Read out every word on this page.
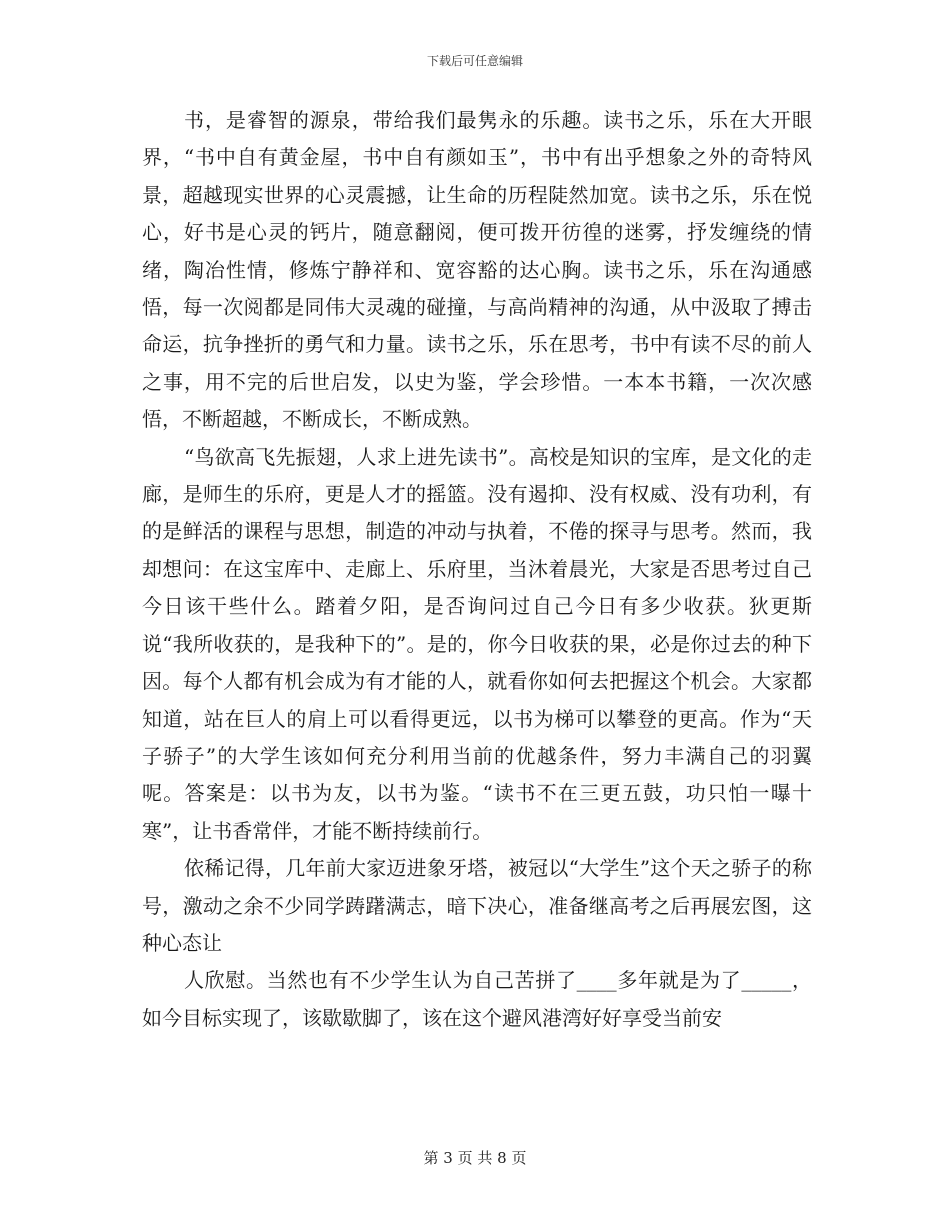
下载后可任意编辑

书，是睿智的源泉，带给我们最隽永的乐趣。读书之乐，乐在大开眼界，“书中自有黄金屋，书中自有颜如玉”，书中有出乎想象之外的奇特风景，超越现实世界的心灵震撼，让生命的历程陡然加宽。读书之乐，乐在悦心，好书是心灵的钙片，随意翻阅，便可拨开彷徨的迷雾，抒发缠绕的情绪，陶冶性情，修炼宁静祥和、宽容豁的达心胸。读书之乐，乐在沟通感悟，每一次阅都是同伟大灵魂的碰撞，与高尚精神的沟通，从中汲取了搏击命运，抗争挫折的勇气和力量。读书之乐，乐在思考，书中有读不尽的前人之事，用不完的后世启发，以史为鉴，学会珍惜。一本本书籍，一次次感悟，不断超越，不断成长，不断成熟。

“鸟欲高飞先振翅，人求上进先读书”。高校是知识的宝库，是文化的走廊，是师生的乐府，更是人才的摇篮。没有遏抑、没有权威、没有功利，有的是鲜活的课程与思想，制造的冲动与执着，不倦的探寻与思考。然而，我却想问：在这宝库中、走廊上、乐府里，当沐着晨光，大家是否思考过自己今日该干些什么。踏着夕阳，是否询问过自己今日有多少收获。狄更斯说“我所收获的，是我种下的”。是的，你今日收获的果，必是你过去的种下因。每个人都有机会成为有才能的人，就看你如何去把握这个机会。大家都知道，站在巨人的肩上可以看得更远，以书为梯可以攀登的更高。作为“天子骄子”的大学生该如何充分利用当前的优越条件，努力丰满自己的羽翼呢。答案是：以书为友，以书为鉴。“读书不在三更五鼓，功只怕一曝十寒”，让书香常伴，才能不断持续前行。

依稀记得，几年前大家迈进象牙塔，被冠以“大学生”这个天之骄子的称号，激动之余不少同学踌躇满志，暗下决心，准备继高考之后再展宏图，这种心态让

人欣慰。当然也有不少学生认为自己苦拼了____多年就是为了_____，如今目标实现了，该歇歇脚了，该在这个避风港湾好好享受当前安

第 3 页 共 8 页
